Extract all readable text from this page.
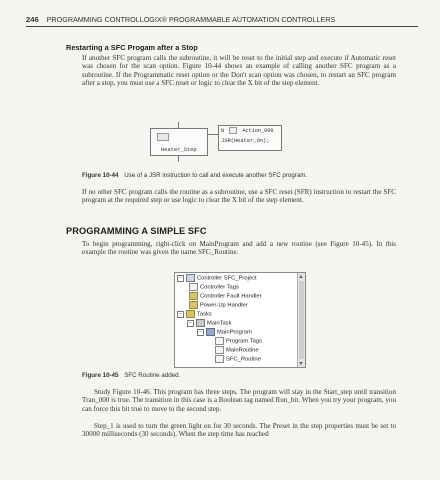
246 PROGRAMMING CONTROLLOGIX® PROGRAMMABLE AUTOMATION CONTROLLERS
Restarting a SFC Progam after a Stop

If another SFC program calls the subroutine, it will be reset to the initial step and execute if Automatic reset was chosen for the scan option. Figure 10-44 shows an example of calling another SFC program as a subroutine. If the Programmatic reset option or the Don't scan option was chosen, to restart an SFC program after a stop, you must use a SFC reset or logic to clear the X bit of the step element.

Heater_Step
N	Action_000
JSR(Heater_On);
Figure 10-44 Use of a JSR instruction to call and execute another SFC program.

If no other SFC program calls the routine as a subroutine, use a SFC reset (SFR) instruction to restart the SFC program at the required step or use logic to clear the X bit of the step element.

PROGRAMMING A SIMPLE SFC

To begin programming, right-click on MainProgram and add a new routine (see Figure 10-45). In this example the routine was given the name SFC_Routine.

−	Controller SFC_Project
Controller Tags
Controller Fault Handler
Power-Up Handler
−	Tasks
−	MainTask
−	MainProgram
Program Tags
MainRoutine
SFC_Routine
Figure 10-45 SFC Routine added.

Study Figure 10-46. This program has three steps. The program will stay in the Start_step until transition Tran_000 is true. The transition in this case is a Boolean tag named Run_bit. When you try your program, you can force this bit true to move to the second step.

Step_1 is used to turn the green light on for 30 seconds. The Preset in the step properties must be set to 30000 milliseconds (30 seconds). When the step time has reached
